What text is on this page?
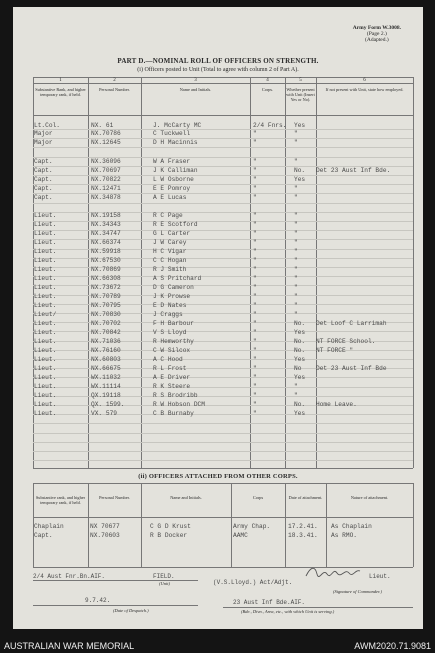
Army Form W.3008.
(Page 2.)
(Adapted.)
PART D.—NOMINAL ROLL OF OFFICERS ON STRENGTH.
(i) Officers posted to Unit (Total to agree with column 2 of Part A).
1	2	3	4	5	6
Substantive Rank, and higher temporary rank, if held.
Personal Number.	Name and Initials.	Corps.	Whether present with Unit (Insert Yes or No).
If not present with Unit, state how employed.
Lt.Col.	NX. 61	J. McCarty MC	2/4 Fnrs. Yes
Major	NX.70786	C Tuckwell	"	"
Major	NX.12645	D H Macinnis	"	"
Capt.	NX.36096	W A Fraser	"	"
Capt.	NX.70697	J K Calliman	"	No. Det 23 Aust Inf Bde.
Capt.	NX.70822	L W Osborne	"	Yes
Capt.	NX.12471	E E Pomroy	"	"
Capt.	NX.34878	A E Lucas	"	"
Lieut.	NX.19158	R C Page	"	"
Lieut.	NX.34343	R E Scotford	"	"
Lieut.	NX.34747	G L Carter	"	"
Lieut.	NX.66374	J W Carey	"	"
Lieut.	NX.59918	H C Vigar	"	"
Lieut.	NX.67530	C C Hogan	"	"
Lieut.	NX.70869	R J Smith	"	"
Lieut.	NX.66308	A S Pritchard	"	"
Lieut.	NX.73672	D G Cameron	"	"
Lieut.	NX.70789	J K Prowse	"	"
Lieut.	NX.70795	E D Nates	"	"
Lieut/	NX.70830	J Craggs	"	"
Lieut.	NX.70702	F H Barbour	"	No. Det Loof C Larrimah
Lieut.	NX.70842	V S Lloyd	"	Yes
Lieut.	NX.71036	R Hemworthy	"	No. NT FORCE School.
Lieut.	NX.76160	C W Silcox	"	No. NT FORCE "
Lieut.	NX.60803	A C Hood	"	Yes
Lieut.	NX.66675	R L Frost	"	No Det 23 Aust Inf Bde
Lieut.	WX.11032	A E Driver	"	Yes
Lieut.	WX.11114	R K Steere	"	"
Lieut.	QX.19118	R S Brodribb	"	"
Lieut.	QX. 1599.	R W Hobson DCM	"	No. Home Leave.
Lieut.	VX. 579	C B Burnaby	"	Yes
(ii) OFFICERS ATTACHED FROM OTHER CORPS.
Substantive rank, and higher temporary rank, if held.
Personal Number.	Name and Initials.	Corps	Date of attachment.	Nature of attachment.
Chaplain	NX 70677	C G D Krust	Army Chap.	17.2.41. As Chaplain
Capt.	NX.70603	R B Docker	AAMC	18.3.41. As RMO.
2/4 Aust Fnr.Bn.AIF.	FIELD.
(Unit)	(V.S.Lloyd.) Act/Adjt.
Lieut.
(Signature of Commander.)
9.7.42.
(Date of Despatch.)
23 Aust Inf Bde.AIF.
(Bde., Divn., Area, etc., with which Unit is serving.)
AUSTRALIAN WAR MEMORIAL	AWM2020.71.9081
